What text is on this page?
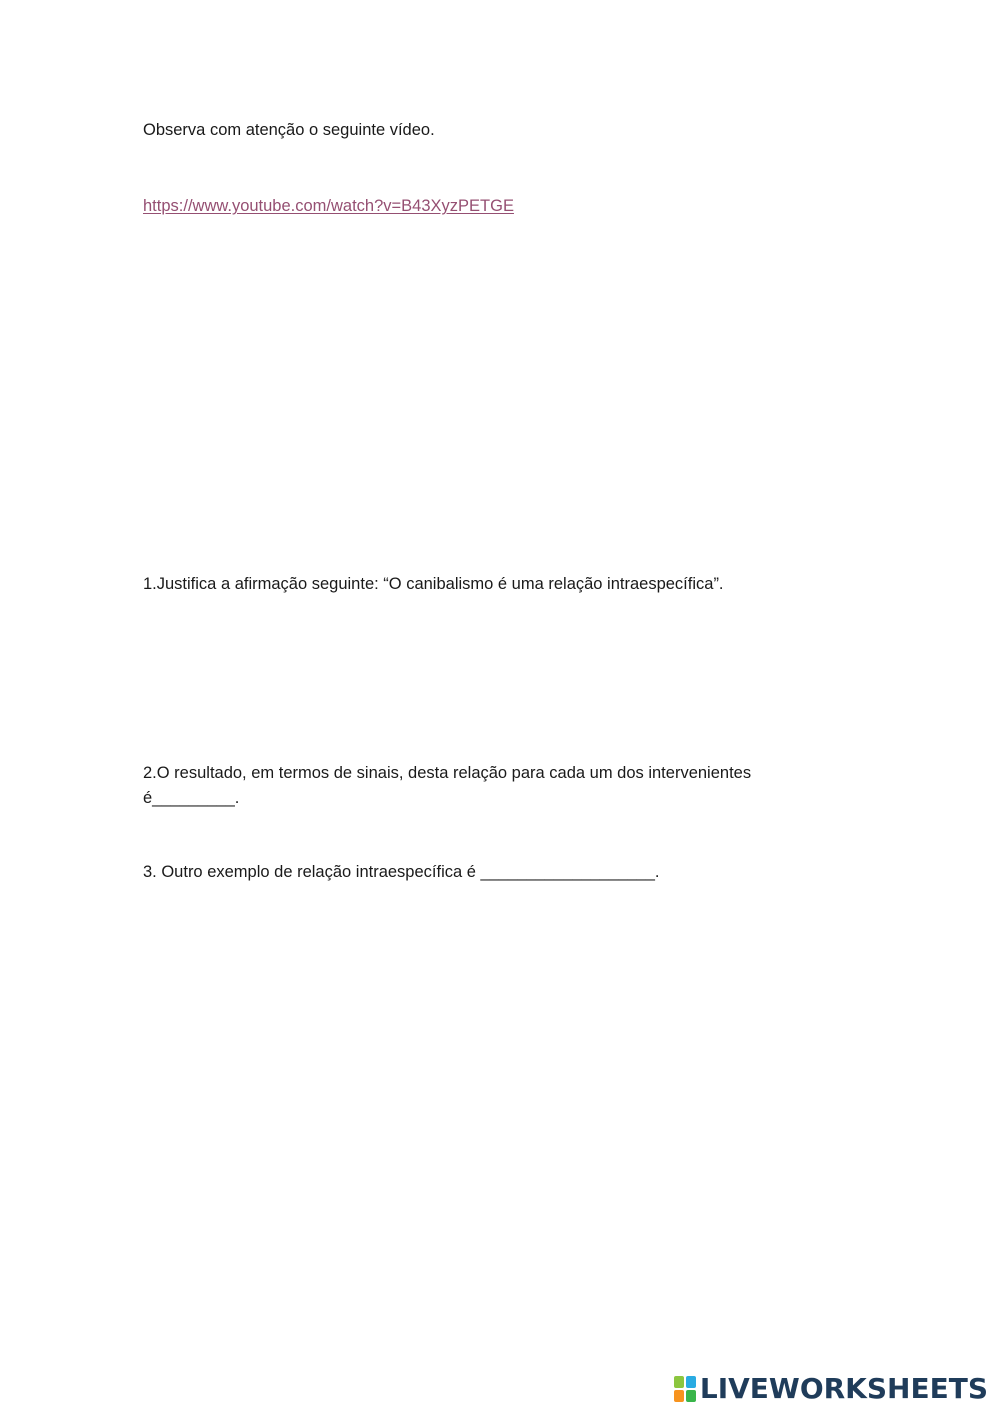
Observa com atenção o seguinte vídeo.
https://www.youtube.com/watch?v=B43XyzPETGE
1.Justifica a afirmação seguinte: “O canibalismo é uma relação intraespecífica”.
2.O resultado, em termos de sinais, desta relação para cada um dos intervenientes é_________.
3. Outro exemplo de relação intraespecífica é ___________________.
LIVEWORKSHEETS
